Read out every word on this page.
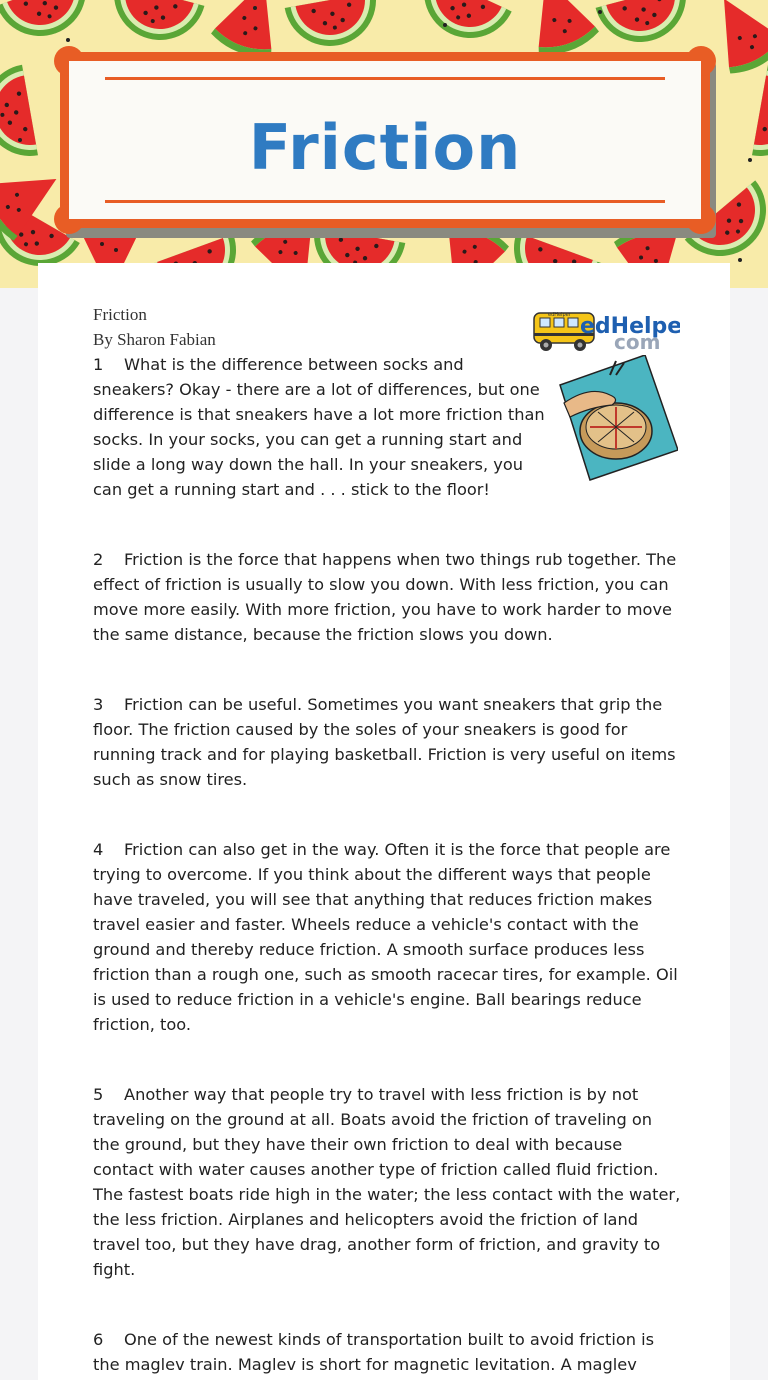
Friction
edHelper edHelpe
com
Friction
By Sharon Fabian
1 What is the difference between socks and sneakers? Okay - there are a lot of differences, but one difference is that sneakers have a lot more friction than socks. In your socks, you can get a running start and slide a long way down the hall. In your sneakers, you can get a running start and . . . stick to the floor!
2 Friction is the force that happens when two things rub together. The effect of friction is usually to slow you down. With less friction, you can move more easily. With more friction, you have to work harder to move the same distance, because the friction slows you down.
3 Friction can be useful. Sometimes you want sneakers that grip the floor. The friction caused by the soles of your sneakers is good for running track and for playing basketball. Friction is very useful on items such as snow tires.
4 Friction can also get in the way. Often it is the force that people are trying to overcome. If you think about the different ways that people have traveled, you will see that anything that reduces friction makes travel easier and faster. Wheels reduce a vehicle's contact with the ground and thereby reduce friction. A smooth surface produces less friction than a rough one, such as smooth racecar tires, for example. Oil is used to reduce friction in a vehicle's engine. Ball bearings reduce friction, too.
5 Another way that people try to travel with less friction is by not traveling on the ground at all. Boats avoid the friction of traveling on the ground, but they have their own friction to deal with because contact with water causes another type of friction called fluid friction. The fastest boats ride high in the water; the less contact with the water, the less friction. Airplanes and helicopters avoid the friction of land travel too, but they have drag, another form of friction, and gravity to fight.
6 One of the newest kinds of transportation built to avoid friction is the maglev train. Maglev is short for magnetic levitation. A maglev
